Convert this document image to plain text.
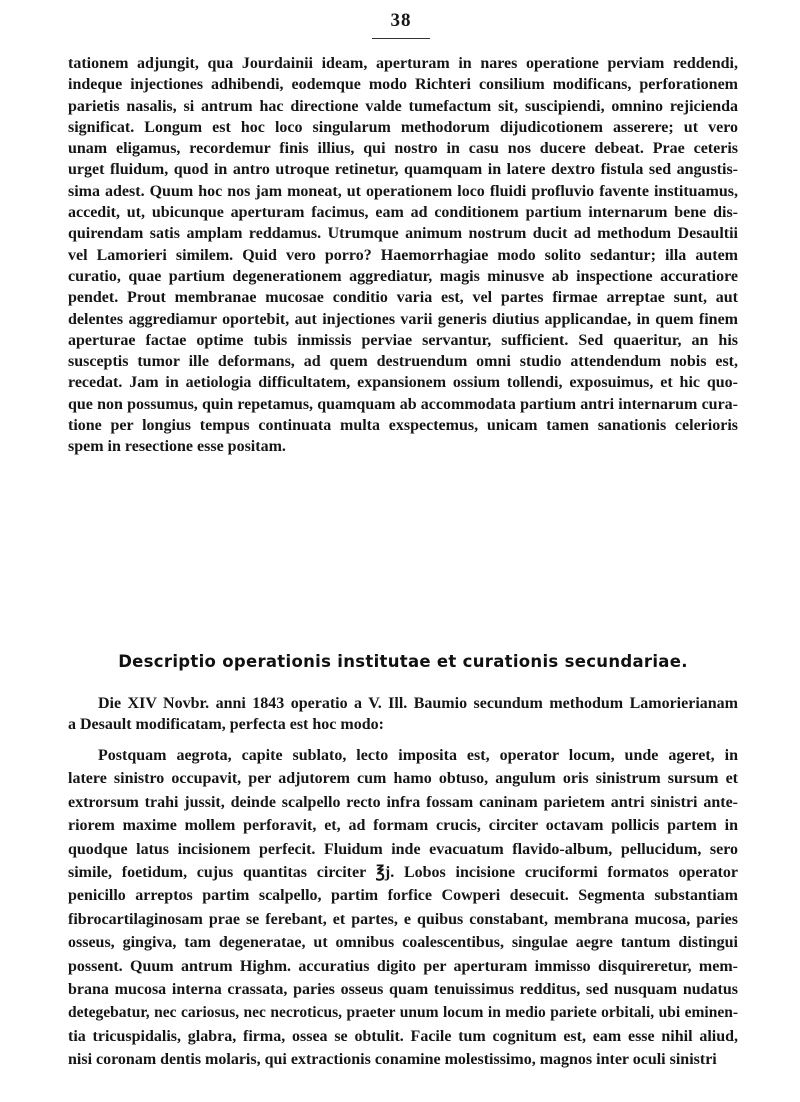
38

tationem adjungit, qua Jourdainii ideam, aperturam in nares operatione perviam reddendi,
indeque injectiones adhibendi, eodemque modo Richteri consilium modificans, perforationem
parietis nasalis, si antrum hac directione valde tumefactum sit, suscipiendi, omnino rejicienda
significat. Longum est hoc loco singularum methodorum dijudicotionem asserere; ut vero
unam eligamus, recordemur finis illius, qui nostro in casu nos ducere debeat. Prae ceteris
urget fluidum, quod in antro utroque retinetur, quamquam in latere dextro fistula sed angustis-
sima adest. Quum hoc nos jam moneat, ut operationem loco fluidi profluvio favente instituamus,
accedit, ut, ubicunque aperturam facimus, eam ad conditionem partium internarum bene dis-
quirendam satis amplam reddamus. Utrumque animum nostrum ducit ad methodum Desaultii
vel Lamorieri similem. Quid vero porro? Haemorrhagiae modo solito sedantur; illa autem
curatio, quae partium degenerationem aggrediatur, magis minusve ab inspectione accuratiore
pendet. Prout membranae mucosae conditio varia est, vel partes firmae arreptae sunt, aut
delentes aggrediamur oportebit, aut injectiones varii generis diutius applicandae, in quem finem
aperturae factae optime tubis inmissis perviae servantur, sufficient. Sed quaeritur, an his
susceptis tumor ille deformans, ad quem destruendum omni studio attendendum nobis est,
recedat. Jam in aetiologia difficultatem, expansionem ossium tollendi, exposuimus, et hic quo-
que non possumus, quin repetamus, quamquam ab accommodata partium antri internarum cura-
tione per longius tempus continuata multa exspectemus, unicam tamen sanationis celerioris
spem in resectione esse positam.

Descriptio operationis institutae et curationis secundariae.

Die XIV Novbr. anni 1843 operatio a V. Ill. Baumio secundum methodum Lamorierianam
a Desault modificatam, perfecta est hoc modo:

Postquam aegrota, capite sublato, lecto imposita est, operator locum, unde ageret, in
latere sinistro occupavit, per adjutorem cum hamo obtuso, angulum oris sinistrum sursum et
extrorsum trahi jussit, deinde scalpello recto infra fossam caninam parietem antri sinistri ante-
riorem maxime mollem perforavit, et, ad formam crucis, circiter octavam pollicis partem in
quodque latus incisionem perfecit. Fluidum inde evacuatum flavido-album, pellucidum, sero
simile, foetidum, cujus quantitas circiter ℥j. Lobos incisione cruciformi formatos operator
penicillo arreptos partim scalpello, partim forfice Cowperi desecuit. Segmenta substantiam
fibrocartilaginosam prae se ferebant, et partes, e quibus constabant, membrana mucosa, paries
osseus, gingiva, tam degeneratae, ut omnibus coalescentibus, singulae aegre tantum distingui
possent. Quum antrum Highm. accuratius digito per aperturam immisso disquireretur, mem-
brana mucosa interna crassata, paries osseus quam tenuissimus redditus, sed nusquam nudatus
detegebatur, nec cariosus, nec necroticus, praeter unum locum in medio pariete orbitali, ubi eminen-
tia tricuspidalis, glabra, firma, ossea se obtulit. Facile tum cognitum est, eam esse nihil aliud,
nisi coronam dentis molaris, qui extractionis conamine molestissimo, magnos inter oculi sinistri
